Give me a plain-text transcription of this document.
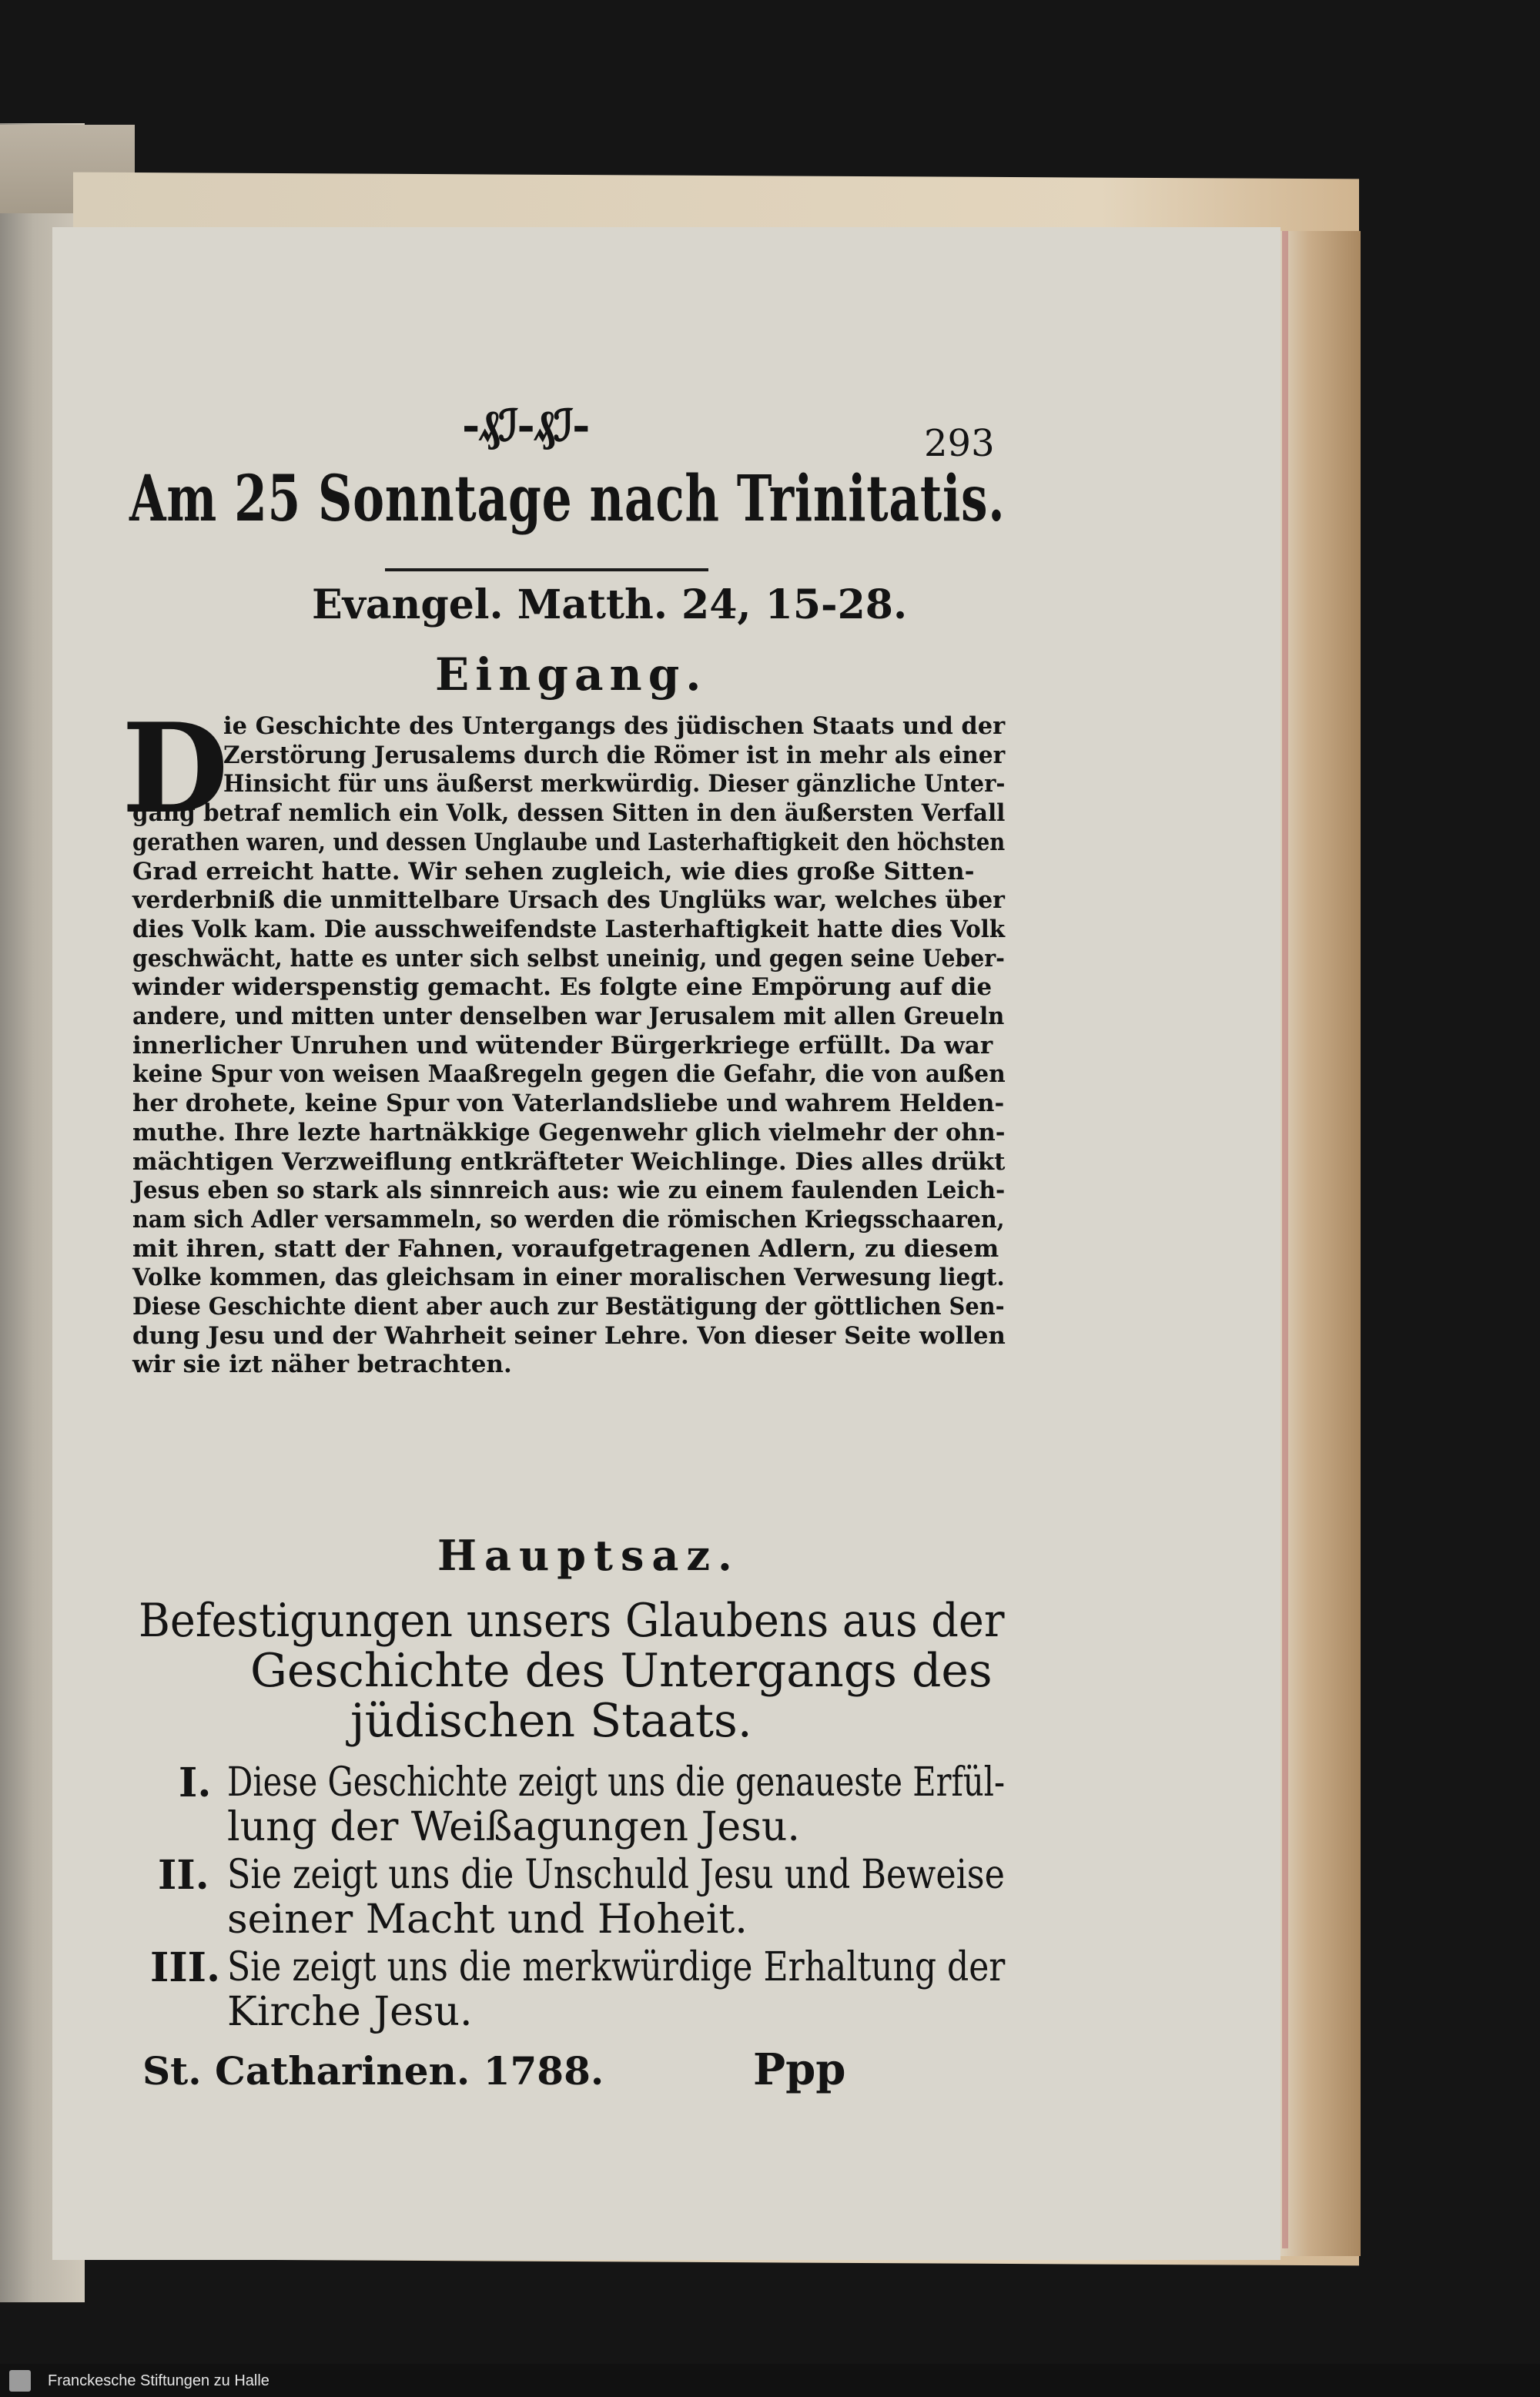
-₰ℐ-₰ℐ-	293
Am 25 Sonntage nach Trinitatis.
Evangel. Matth. 24, 15-28.
Eingang.
D
ie Geschichte des Untergangs des jüdischen Staats und der
Zerstörung Jerusalems durch die Römer ist in mehr als einer
Hinsicht für uns äußerst merkwürdig. Dieser gänzliche Unter-
gang betraf nemlich ein Volk, dessen Sitten in den äußersten Verfall
gerathen waren, und dessen Unglaube und Lasterhaftigkeit den höchsten
Grad erreicht hatte. Wir sehen zugleich, wie dies große Sitten-
verderbniß die unmittelbare Ursach des Unglüks war, welches über
dies Volk kam. Die ausschweifendste Lasterhaftigkeit hatte dies Volk
geschwächt, hatte es unter sich selbst uneinig, und gegen seine Ueber-
winder widerspenstig gemacht. Es folgte eine Empörung auf die
andere, und mitten unter denselben war Jerusalem mit allen Greueln
innerlicher Unruhen und wütender Bürgerkriege erfüllt. Da war
keine Spur von weisen Maaßregeln gegen die Gefahr, die von außen
her drohete, keine Spur von Vaterlandsliebe und wahrem Helden-
muthe. Ihre lezte hartnäkkige Gegenwehr glich vielmehr der ohn-
mächtigen Verzweiflung entkräfteter Weichlinge. Dies alles drükt
Jesus eben so stark als sinnreich aus: wie zu einem faulenden Leich-
nam sich Adler versammeln, so werden die römischen Kriegsschaaren,
mit ihren, statt der Fahnen, voraufgetragenen Adlern, zu diesem
Volke kommen, das gleichsam in einer moralischen Verwesung liegt.
Diese Geschichte dient aber auch zur Bestätigung der göttlichen Sen-
dung Jesu und der Wahrheit seiner Lehre. Von dieser Seite wollen
wir sie izt näher betrachten.
Hauptsaz.
Befestigungen unsers Glaubens aus der
Geschichte des Untergangs des
jüdischen Staats.
I. Diese Geschichte zeigt uns die genaueste Erfül-
lung der Weißagungen Jesu.
II. Sie zeigt uns die Unschuld Jesu und Beweise
seiner Macht und Hoheit.
III. Sie zeigt uns die merkwürdige Erhaltung der
Kirche Jesu.
St. Catharinen. 1788.	Ppp
Franckesche Stiftungen zu Halle
